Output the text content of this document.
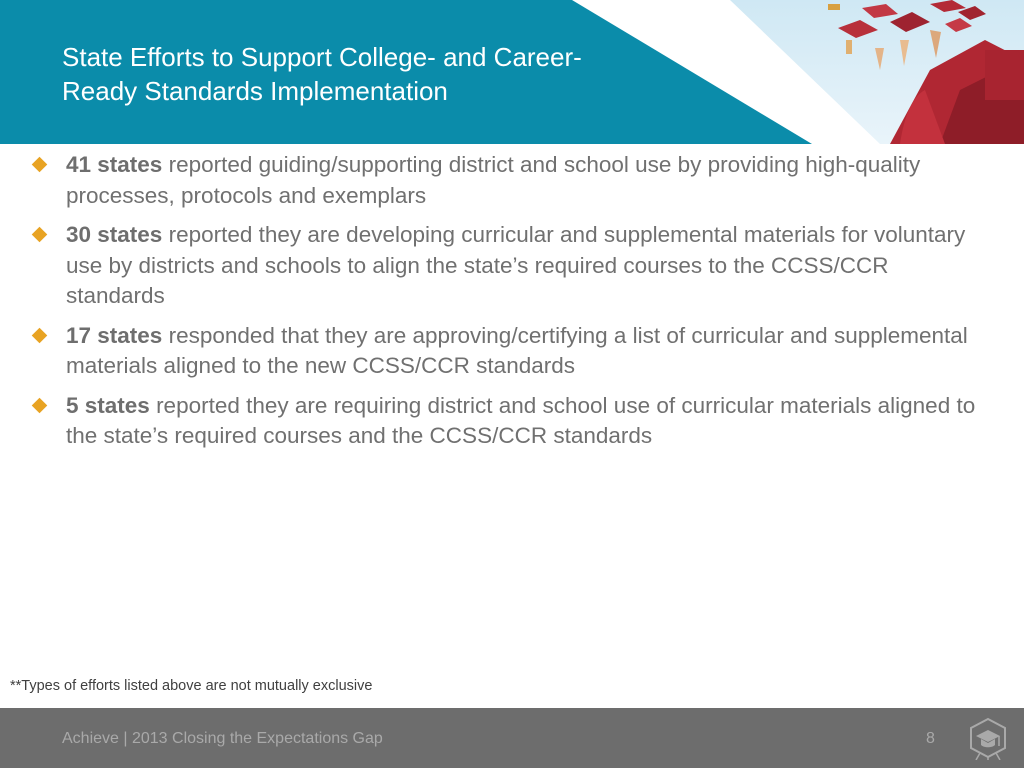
State Efforts to Support College- and Career-
Ready Standards Implementation
41 states reported guiding/supporting district and school use by providing high-quality processes, protocols and exemplars
30 states reported they are developing curricular and supplemental materials for voluntary use by districts and schools to align the state’s required courses to the CCSS/CCR standards
17 states responded that they are approving/certifying a list of curricular and supplemental materials aligned to the new CCSS/CCR standards
5 states reported they are requiring district and school use of curricular materials aligned to the state’s required courses and the CCSS/CCR standards
**Types of efforts listed above are not mutually exclusive
Achieve | 2013 Closing the Expectations Gap	8
